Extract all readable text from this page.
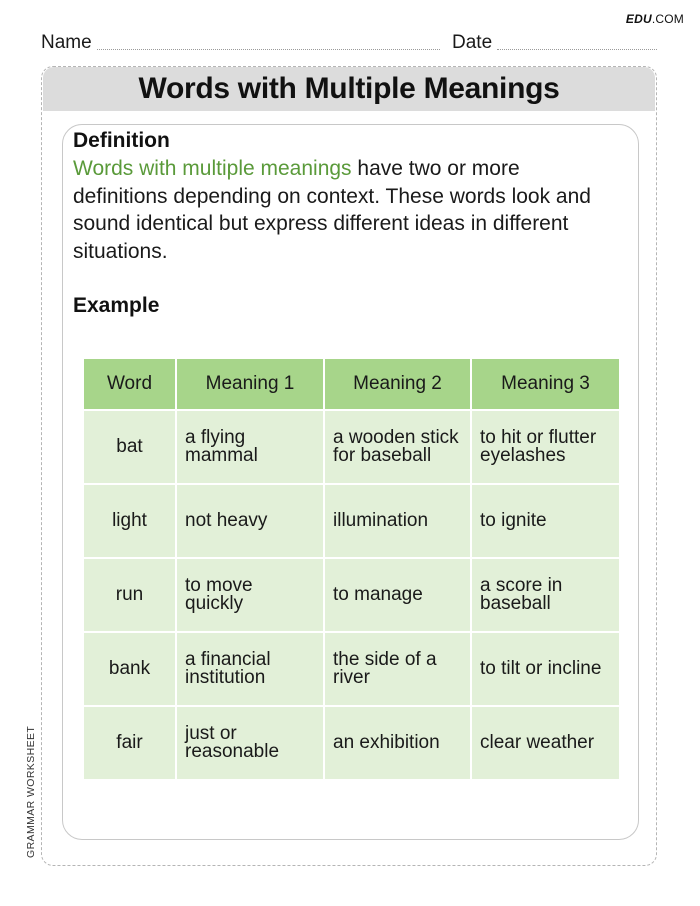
EDU.COM
Name	Date
Words with Multiple Meanings
Definition

Words with multiple meanings have two or more definitions depending on context. These words look and sound identical but express different ideas in different situations.

Example
Word	Meaning 1	Meaning 2	Meaning 3
bat	a flying mammal	a wooden stick for baseball	to hit or flutter eyelashes
light	not heavy	illumination	to ignite
run	to move quickly	to manage	a score in baseball
bank	a financial institution	the side of a river	to tilt or incline
fair	just or reasonable	an exhibition	clear weather
GRAMMAR WORKSHEET
